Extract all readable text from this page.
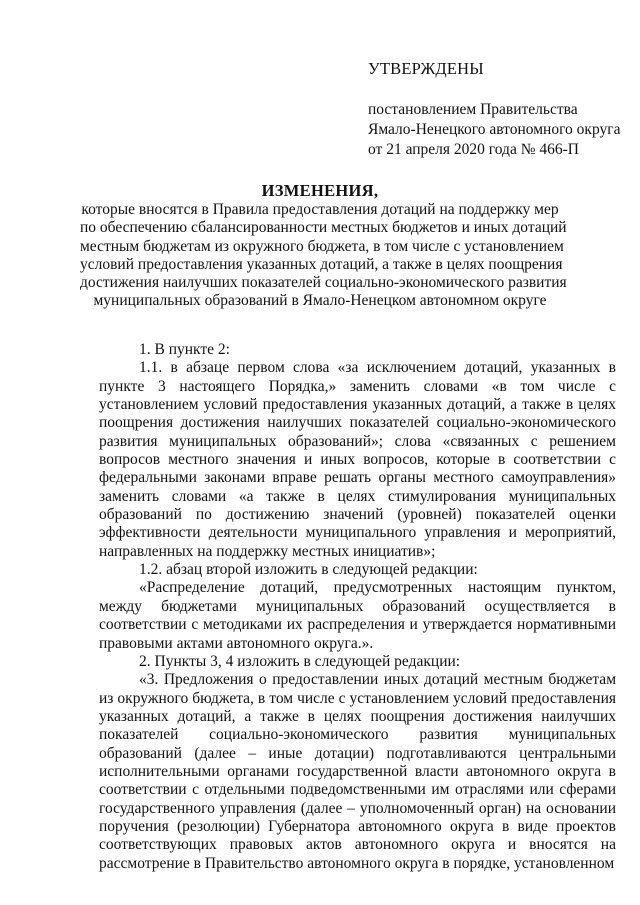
УТВЕРЖДЕНЫ
постановлением Правительства
Ямало-Ненецкого автономного округа
от 21 апреля 2020 года № 466-П
ИЗМЕНЕНИЯ,
которые вносятся в Правила предоставления дотаций на поддержку мер
по обеспечению сбалансированности местных бюджетов и иных дотаций
местным бюджетам из окружного бюджета, в том числе с установлением
условий предоставления указанных дотаций, а также в целях поощрения
достижения наилучших показателей социально-экономического развития
муниципальных образований в Ямало-Ненецком автономном округе

1. В пункте 2:

1.1. в абзаце первом слова «за исключением дотаций, указанных в пункте 3 настоящего Порядка,» заменить словами «в том числе с установлением условий предоставления указанных дотаций, а также в целях поощрения достижения наилучших показателей социально-экономического развития муниципальных образований»; слова «связанных с решением вопросов местного значения и иных вопросов, которые в соответствии с федеральными законами вправе решать органы местного самоуправления» заменить словами «а также в целях стимулирования муниципальных образований по достижению значений (уровней) показателей оценки эффективности деятельности муниципального управления и мероприятий, направленных на поддержку местных инициатив»;

1.2. абзац второй изложить в следующей редакции:

«Распределение дотаций, предусмотренных настоящим пунктом, между бюджетами муниципальных образований осуществляется в соответствии с методиками их распределения и утверждается нормативными правовыми актами автономного округа.».

2. Пункты 3, 4 изложить в следующей редакции:

«3. Предложения о предоставлении иных дотаций местным бюджетам из окружного бюджета, в том числе с установлением условий предоставления указанных дотаций, а также в целях поощрения достижения наилучших показателей социально-экономического развития муниципальных образований (далее – иные дотации) подготавливаются центральными исполнительными органами государственной власти автономного округа в соответствии с отдельными подведомственными им отраслями или сферами государственного управления (далее – уполномоченный орган) на основании поручения (резолюции) Губернатора автономного округа в виде проектов соответствующих правовых актов автономного округа и вносятся на рассмотрение в Правительство автономного округа в порядке, установленном
